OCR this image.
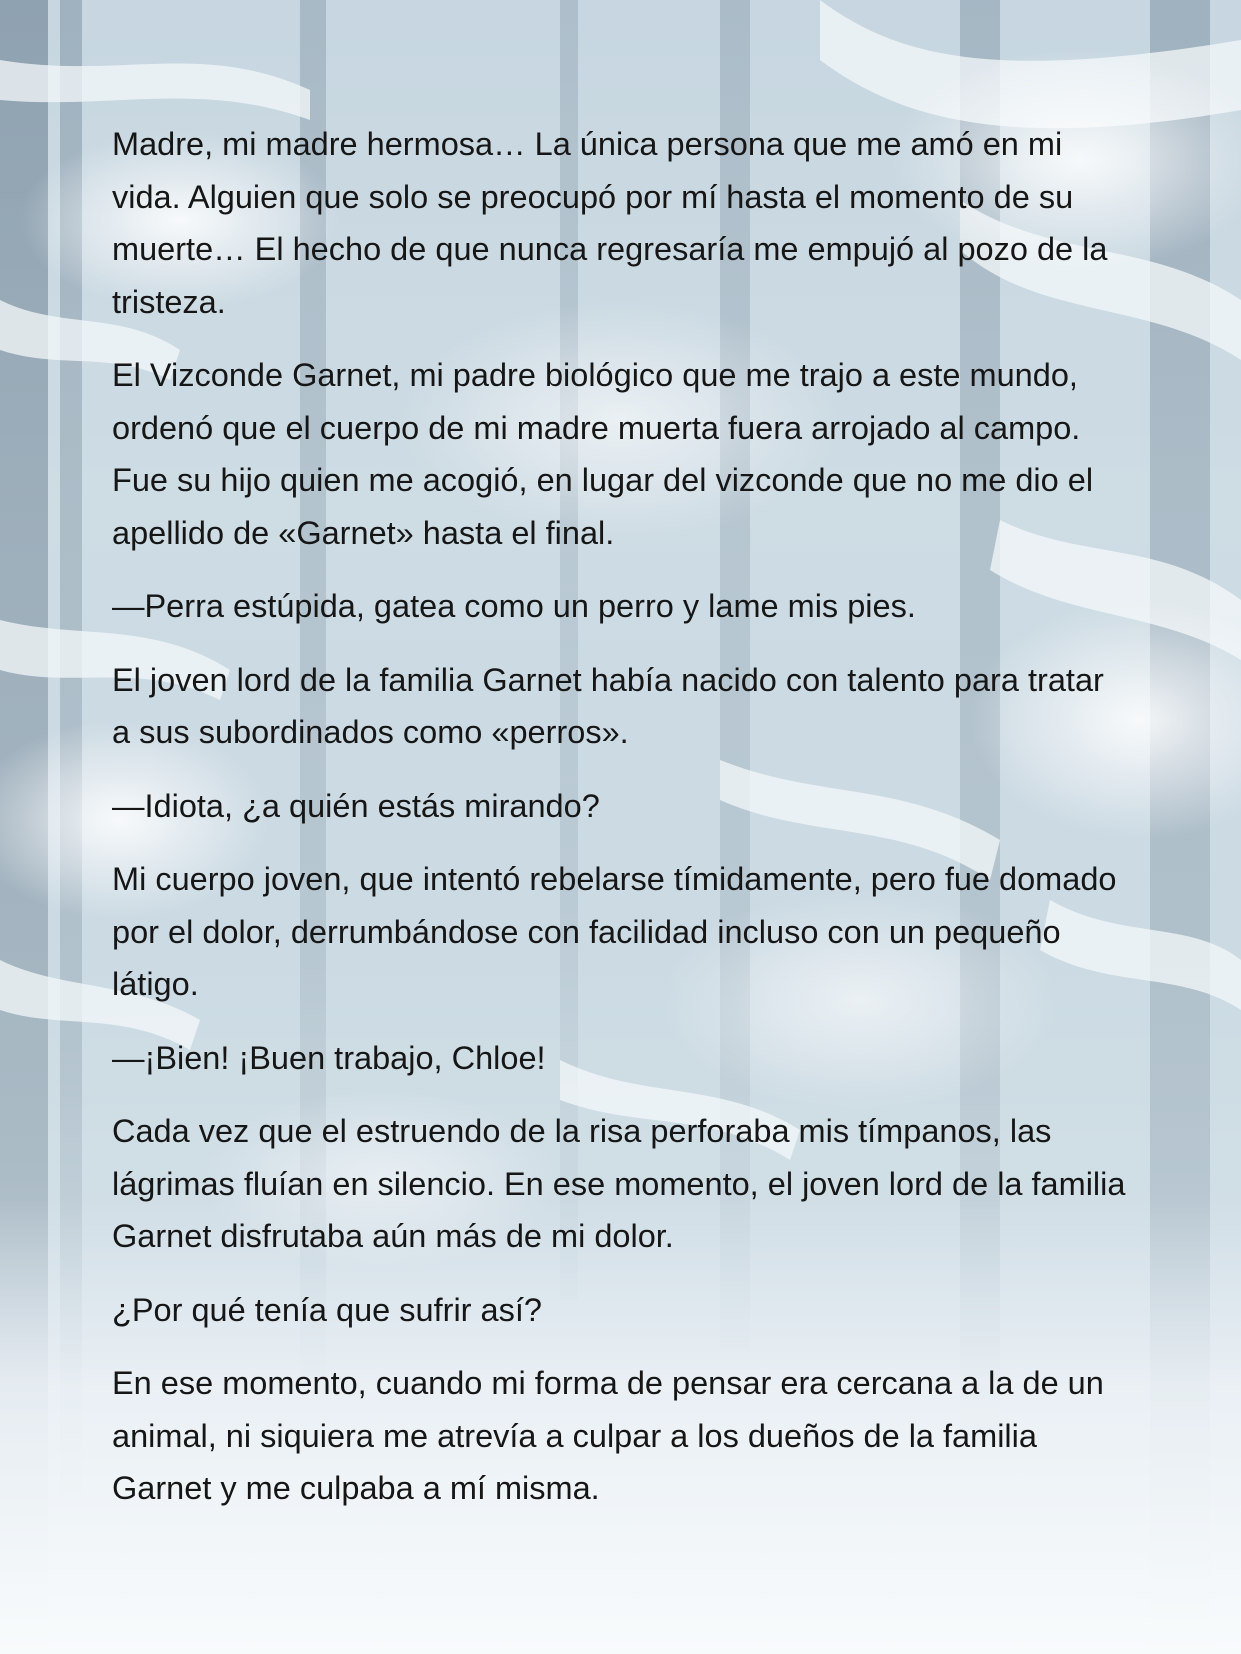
Madre, mi madre hermosa… La única persona que me amó en mi vida. Alguien que solo se preocupó por mí hasta el momento de su muerte… El hecho de que nunca regresaría me empujó al pozo de la tristeza.

El Vizconde Garnet, mi padre biológico que me trajo a este mundo, ordenó que el cuerpo de mi madre muerta fuera arrojado al campo. Fue su hijo quien me acogió, en lugar del vizconde que no me dio el apellido de «Garnet» hasta el final.

—Perra estúpida, gatea como un perro y lame mis pies.

El joven lord de la familia Garnet había nacido con talento para tratar a sus subordinados como «perros».

—Idiota, ¿a quién estás mirando?

Mi cuerpo joven, que intentó rebelarse tímidamente, pero fue domado por el dolor, derrumbándose con facilidad incluso con un pequeño látigo.

—¡Bien! ¡Buen trabajo, Chloe!

Cada vez que el estruendo de la risa perforaba mis tímpanos, las lágrimas fluían en silencio. En ese momento, el joven lord de la familia Garnet disfrutaba aún más de mi dolor.

¿Por qué tenía que sufrir así?

En ese momento, cuando mi forma de pensar era cercana a la de un animal, ni siquiera me atrevía a culpar a los dueños de la familia Garnet y me culpaba a mí misma.
